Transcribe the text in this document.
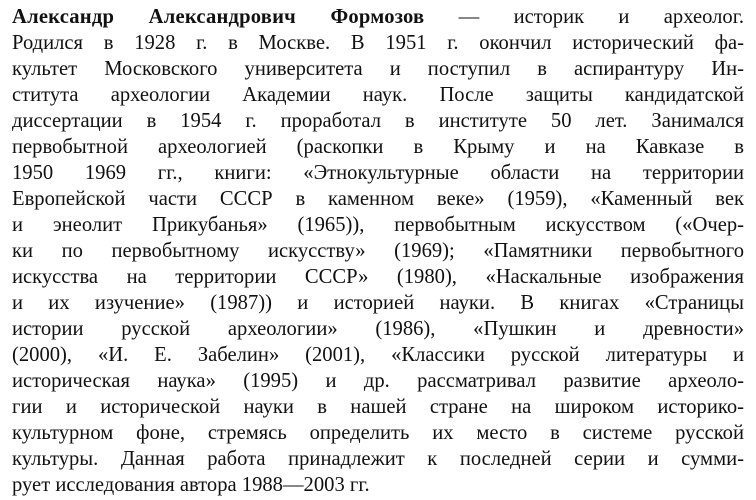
Александр Александрович Формозов — историк и археолог.
Родился в 1928 г. в Москве. В 1951 г. окончил исторический фа-
культет Московского университета и поступил в аспирантуру Ин-
ститута археологии Академии наук. После защиты кандидатской
диссертации в 1954 г. проработал в институте 50 лет. Занимался
первобытной археологией (раскопки в Крыму и на Кавказе в
1950 1969 гг., книги: «Этнокультурные области на территории
Европейской части СССР в каменном веке» (1959), «Каменный век
и энеолит Прикубанья» (1965)), первобытным искусством («Очер-
ки по первобытному искусству» (1969); «Памятники первобытного
искусства на территории СССР» (1980), «Наскальные изображения
и их изучение» (1987)) и историей науки. В книгах «Страницы
истории русской археологии» (1986), «Пушкин и древности»
(2000), «И. Е. Забелин» (2001), «Классики русской литературы и
историческая наука» (1995) и др. рассматривал развитие археоло-
гии и исторической науки в нашей стране на широком историко-
культурном фоне, стремясь определить их место в системе русской
культуры. Данная работа принадлежит к последней серии и сумми-
рует исследования автора 1988—2003 гг.
